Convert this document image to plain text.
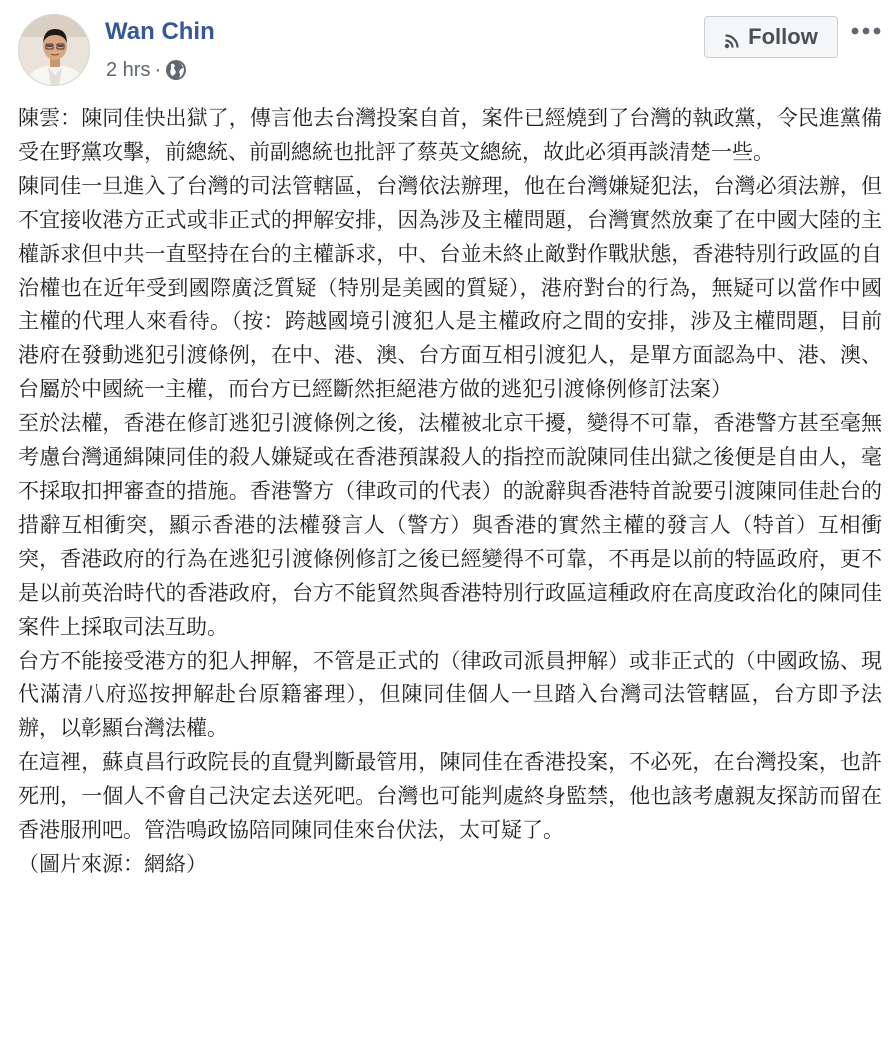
Wan Chin
2 hrs ·
Follow

陳雲：陳同佳快出獄了，傳言他去台灣投案自首，案件已經燒到了台灣的執政黨，令民進黨備受在野黨攻擊，前總統、前副總統也批評了蔡英文總統，故此必須再談清楚一些。

陳同佳一旦進入了台灣的司法管轄區，台灣依法辦理，他在台灣嫌疑犯法，台灣必須法辦，但不宜接收港方正式或非正式的押解安排，因為涉及主權問題，台灣實然放棄了在中國大陸的主權訴求但中共一直堅持在台的主權訴求，中、台並未終止敵對作戰狀態，香港特別行政區的自治權也在近年受到國際廣泛質疑（特別是美國的質疑），港府對台的行為，無疑可以當作中國主權的代理人來看待。（按：跨越國境引渡犯人是主權政府之間的安排，涉及主權問題，目前港府在發動逃犯引渡條例，在中、港、澳、台方面互相引渡犯人，是單方面認為中、港、澳、台屬於中國統一主權，而台方已經斷然拒絕港方做的逃犯引渡條例修訂法案）

至於法權，香港在修訂逃犯引渡條例之後，法權被北京干擾，變得不可靠，香港警方甚至毫無考慮台灣通緝陳同佳的殺人嫌疑或在香港預謀殺人的指控而說陳同佳出獄之後便是自由人，毫不採取扣押審查的措施。香港警方（律政司的代表）的說辭與香港特首說要引渡陳同佳赴台的措辭互相衝突，顯示香港的法權發言人（警方）與香港的實然主權的發言人（特首）互相衝突，香港政府的行為在逃犯引渡條例修訂之後已經變得不可靠，不再是以前的特區政府，更不是以前英治時代的香港政府，台方不能貿然與香港特別行政區這種政府在高度政治化的陳同佳案件上採取司法互助。

台方不能接受港方的犯人押解，不管是正式的（律政司派員押解）或非正式的（中國政協、現代滿清八府巡按押解赴台原籍審理），但陳同佳個人一旦踏入台灣司法管轄區，台方即予法辦，以彰顯台灣法權。

在這裡，蘇貞昌行政院長的直覺判斷最管用，陳同佳在香港投案，不必死，在台灣投案，也許死刑，一個人不會自己決定去送死吧。台灣也可能判處終身監禁，他也該考慮親友探訪而留在香港服刑吧。管浩鳴政協陪同陳同佳來台伏法，太可疑了。

（圖片來源：網絡）
